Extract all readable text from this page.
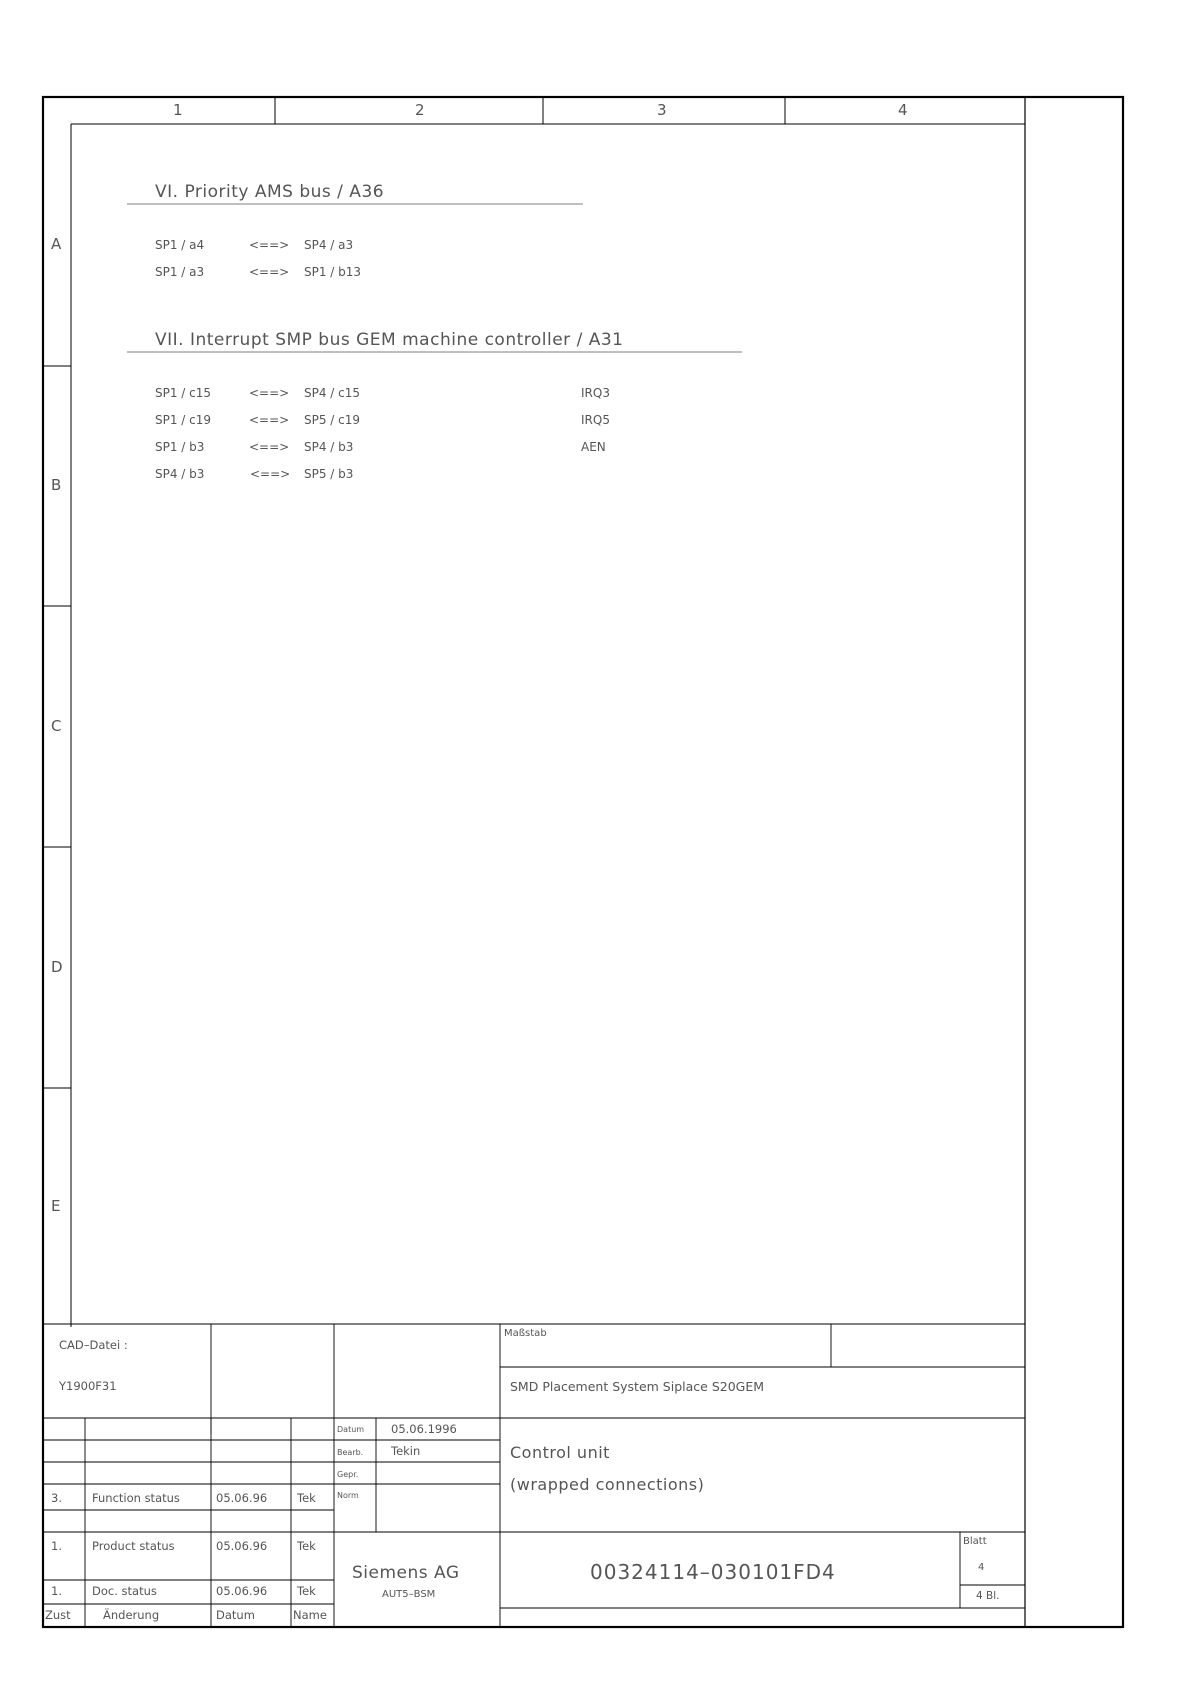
1	2	3	4
A
B
C
D
E
VI. Priority AMS bus / A36
SP1 / a4	<==> SP4 / a3
SP1 / a3	<==> SP1 / b13
VII. Interrupt SMP bus GEM machine controller / A31
SP1 / c15	<==> SP4 / c15	IRQ3
SP1 / c19	<==> SP5 / c19	IRQ5
SP1 / b3	<==> SP4 / b3	AEN
SP4 / b3	<==> SP5 / b3
CAD–Datei :
Y1900F31
Maßstab
SMD Placement System Siplace S20GEM
Datum 05.06.1996
Bearb. Tekin
Gepr.
Norm
Control unit
(wrapped connections)
Siemens AG
AUT5–BSM
00324114–030101FD4
Blatt
4
4 Bl.
3.	Function status	05.06.96	Tek
1.	Product status	05.06.96	Tek
1.	Doc. status	05.06.96	Tek
Zust	Änderung	Datum	Name
